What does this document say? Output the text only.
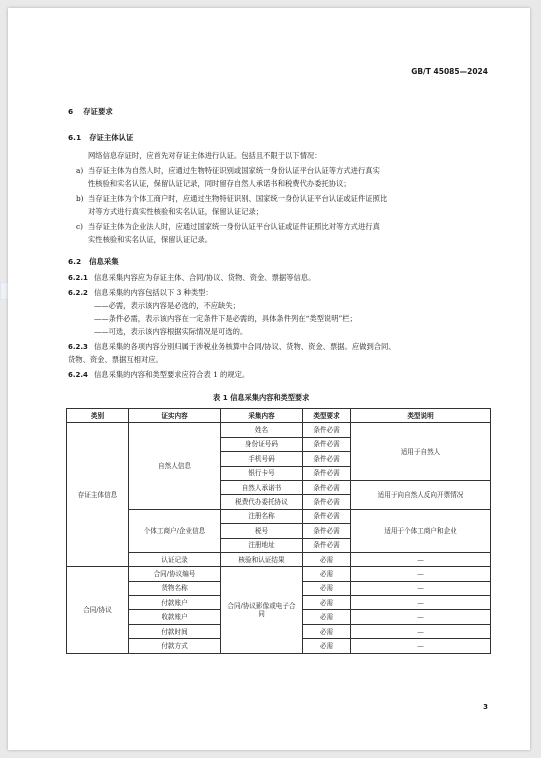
GB/T 45085—2024
6 存证要求
6.1 存证主体认证
网络信息存证时，应首先对存证主体进行认证。包括且不限于以下情况：
a) 当存证主体为自然人时，应通过生物特征识别或国家统一身份认证平台认证等方式进行真实
性核验和实名认证，保留认证记录，同时留存自然人承诺书和税费代办委托协议；
b) 当存证主体为个体工商户时，应通过生物特征识别、国家统一身份认证平台认证或证件证照比
对等方式进行真实性核验和实名认证，保留认证记录；
c) 当存证主体为企业法人时，应通过国家统一身份认证平台认证或证件证照比对等方式进行真
实性核验和实名认证，保留认证记录。
6.2 信息采集
6.2.1 信息采集内容应为存证主体、合同/协议、货物、资金、票据等信息。
6.2.2 信息采集的内容包括以下 3 种类型：
——必需，表示该内容是必选的，不应缺失；
——条件必需，表示该内容在一定条件下是必需的，具体条件列在“类型说明”栏；
——可选，表示该内容根据实际情况是可选的。
6.2.3 信息采集的各项内容分别归属于涉税业务核算中合同/协议、货物、资金、票据。应做到合同、
货物、资金、票据互相对应。
6.2.4 信息采集的内容和类型要求应符合表 1 的规定。
表 1 信息采集内容和类型要求
类别	证实内容	采集内容	类型要求	类型说明
存证主体信息	自然人信息	姓名	条件必需	适用于自然人
		身份证号码	条件必需	
		手机号码	条件必需	
		银行卡号	条件必需	
		自然人承诺书	条件必需	适用于向自然人反向开票情况
		税费代办委托协议	条件必需	
	个体工商户/企业信息	注册名称	条件必需	适用于个体工商户和企业
		税号	条件必需	
		注册地址	条件必需	
	认证记录	核验和认证结果	必需	—
合同/协议	合同/协议编号	合同/协议影像或电子合同	必需	—
	货物名称		必需	—
	付款账户		必需	—
	收款账户		必需	—
	付款时间		必需	—
	付款方式		必需	—
3
